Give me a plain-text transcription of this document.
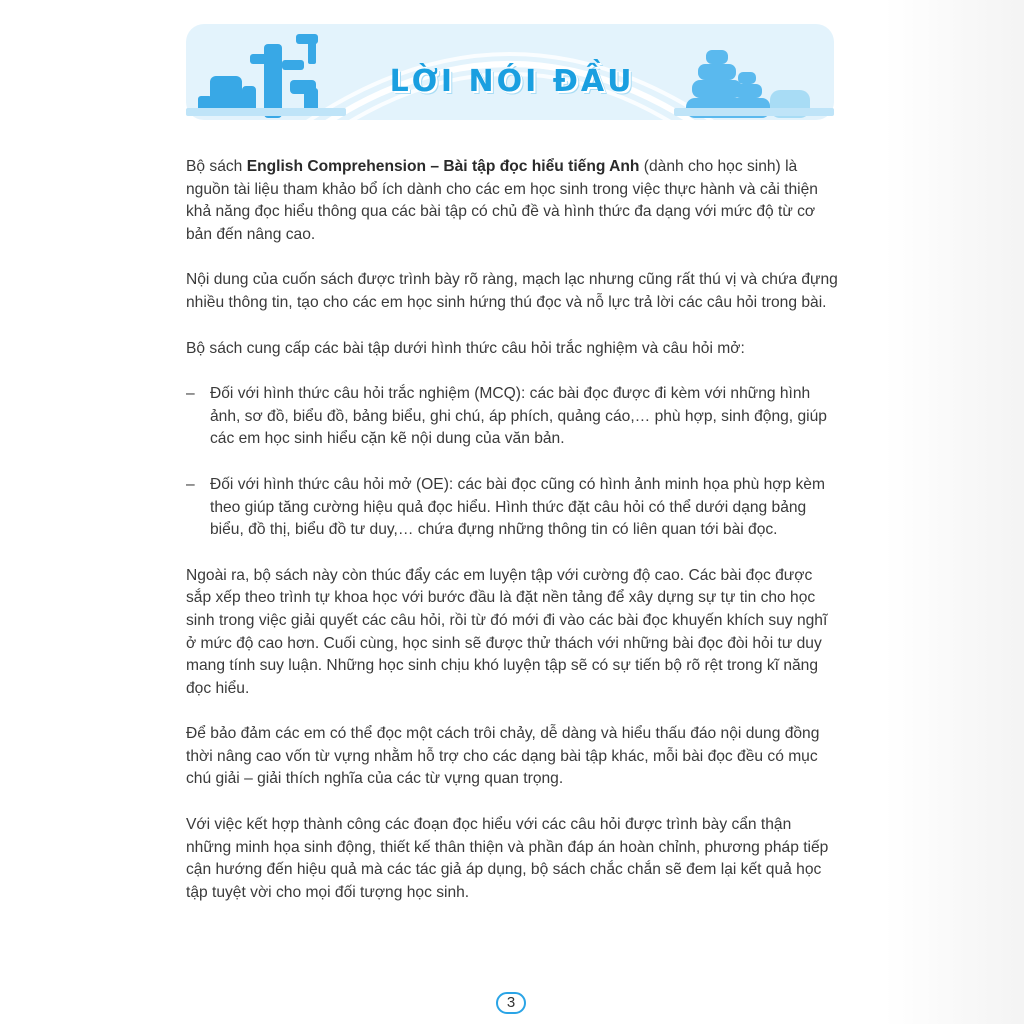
LỜI NÓI ĐẦU

Bộ sách English Comprehension – Bài tập đọc hiểu tiếng Anh (dành cho học sinh) là nguồn tài liệu tham khảo bổ ích dành cho các em học sinh trong việc thực hành và cải thiện khả năng đọc hiểu thông qua các bài tập có chủ đề và hình thức đa dạng với mức độ từ cơ bản đến nâng cao.

Nội dung của cuốn sách được trình bày rõ ràng, mạch lạc nhưng cũng rất thú vị và chứa đựng nhiều thông tin, tạo cho các em học sinh hứng thú đọc và nỗ lực trả lời các câu hỏi trong bài.

Bộ sách cung cấp các bài tập dưới hình thức câu hỏi trắc nghiệm và câu hỏi mở:

– Đối với hình thức câu hỏi trắc nghiệm (MCQ): các bài đọc được đi kèm với những hình ảnh, sơ đồ, biểu đồ, bảng biểu, ghi chú, áp phích, quảng cáo,… phù hợp, sinh động, giúp các em học sinh hiểu cặn kẽ nội dung của văn bản.
– Đối với hình thức câu hỏi mở (OE): các bài đọc cũng có hình ảnh minh họa phù hợp kèm theo giúp tăng cường hiệu quả đọc hiểu. Hình thức đặt câu hỏi có thể dưới dạng bảng biểu, đồ thị, biểu đồ tư duy,… chứa đựng những thông tin có liên quan tới bài đọc.

Ngoài ra, bộ sách này còn thúc đẩy các em luyện tập với cường độ cao. Các bài đọc được sắp xếp theo trình tự khoa học với bước đầu là đặt nền tảng để xây dựng sự tự tin cho học sinh trong việc giải quyết các câu hỏi, rồi từ đó mới đi vào các bài đọc khuyến khích suy nghĩ ở mức độ cao hơn. Cuối cùng, học sinh sẽ được thử thách với những bài đọc đòi hỏi tư duy mang tính suy luận. Những học sinh chịu khó luyện tập sẽ có sự tiến bộ rõ rệt trong kĩ năng đọc hiểu.

Để bảo đảm các em có thể đọc một cách trôi chảy, dễ dàng và hiểu thấu đáo nội dung đồng thời nâng cao vốn từ vựng nhằm hỗ trợ cho các dạng bài tập khác, mỗi bài đọc đều có mục chú giải – giải thích nghĩa của các từ vựng quan trọng.

Với việc kết hợp thành công các đoạn đọc hiểu với các câu hỏi được trình bày cẩn thận những minh họa sinh động, thiết kế thân thiện và phần đáp án hoàn chỉnh, phương pháp tiếp cận hướng đến hiệu quả mà các tác giả áp dụng, bộ sách chắc chắn sẽ đem lại kết quả học tập tuyệt vời cho mọi đối tượng học sinh.

3
